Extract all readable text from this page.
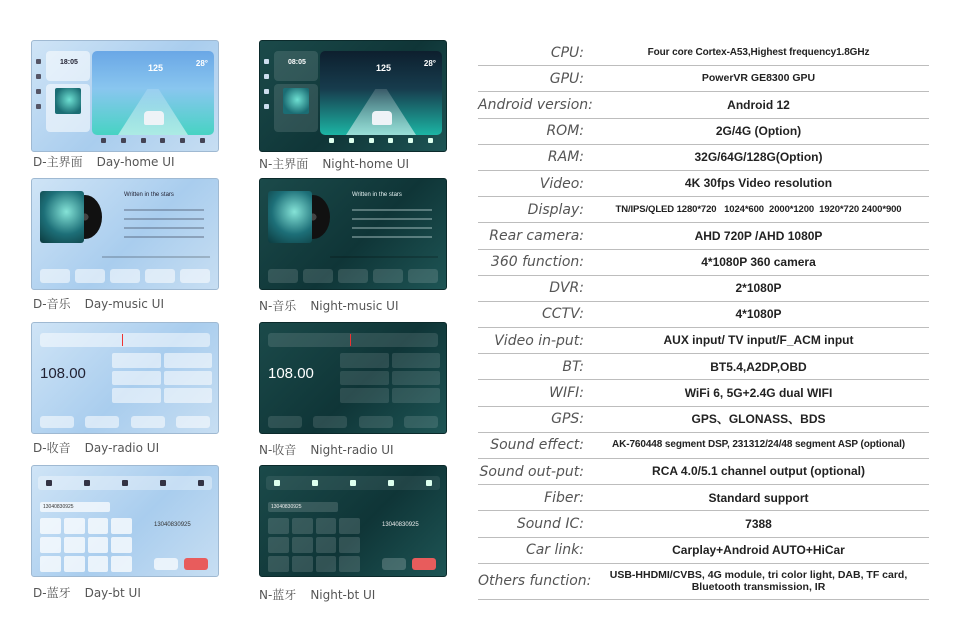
18:05
125	28°
D-主界面 Day-home UI
08:05
125	28°
N-主界面 Night-home UI
Written in the stars
D-音乐 Day-music UI
Written in the stars
N-音乐 Night-music UI
108.00
D-收音 Day-radio UI
108.00
N-收音 Night-radio UI
13040830925
13040830925
D-蓝牙 Day-bt UI
13040830925
13040830925
N-蓝牙 Night-bt UI
CPU:	Four core Cortex-A53,Highest frequency1.8GHz
GPU:	PowerVR GE8300 GPU
Android version:	Android 12
ROM:	2G/4G (Option)
RAM:	32G/64G/128G(Option)
Video:	4K 30fps Video resolution
Display:	TN/IPS/QLED 1280*720   1024*600  2000*1200  1920*720 2400*900
Rear camera:	AHD 720P /AHD 1080P
360 function:	4*1080P 360 camera
DVR:	2*1080P
CCTV:	4*1080P
Video in-put:	AUX input/ TV input/F_ACM input
BT:	BT5.4,A2DP,OBD
WIFI:	WiFi 6, 5G+2.4G dual WIFI
GPS:	GPS、GLONASS、BDS
Sound effect:	AK-760448 segment DSP, 231312/24/48 segment ASP (optional)
Sound out-put:	RCA 4.0/5.1 channel output (optional)
Fiber:	Standard support
Sound IC:	7388
Car link:	Carplay+Android AUTO+HiCar
Others function:	USB-HHDMI/CVBS, 4G module, tri color light, DAB, TF card, Bluetooth transmission, IR
